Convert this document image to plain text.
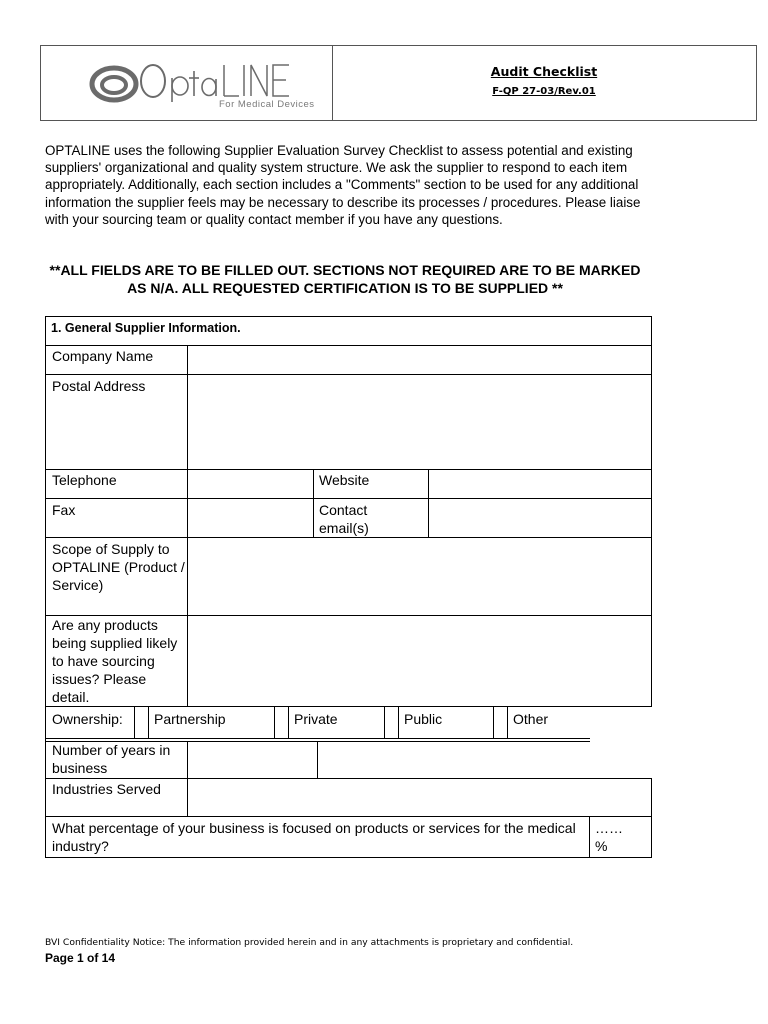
For Medical Devices
Audit Checklist
F-QP 27-03/Rev.01
OPTALINE uses the following Supplier Evaluation Survey Checklist to assess potential and existing suppliers' organizational and quality system structure. We ask the supplier to respond to each item appropriately. Additionally, each section includes a "Comments" section to be used for any additional information the supplier feels may be necessary to describe its processes / procedures. Please liaise with your sourcing team or quality contact member if you have any questions.
**ALL FIELDS ARE TO BE FILLED OUT. SECTIONS NOT REQUIRED ARE TO BE MARKED AS N/A. ALL REQUESTED CERTIFICATION IS TO BE SUPPLIED **
1. General Supplier Information.
Company Name
Postal Address
Telephone	Website
Fax	Contact email(s)
Scope of Supply to OPTALINE (Product / Service)
Are any products being supplied likely to have sourcing issues? Please detail.
Ownership: Partnership	Private	Public	Other
Number of years in business
Industries Served
What percentage of your business is focused on products or services for the medical industry?
……
%
BVI Confidentiality Notice: The information provided herein and in any attachments is proprietary and confidential.
Page 1 of 14
